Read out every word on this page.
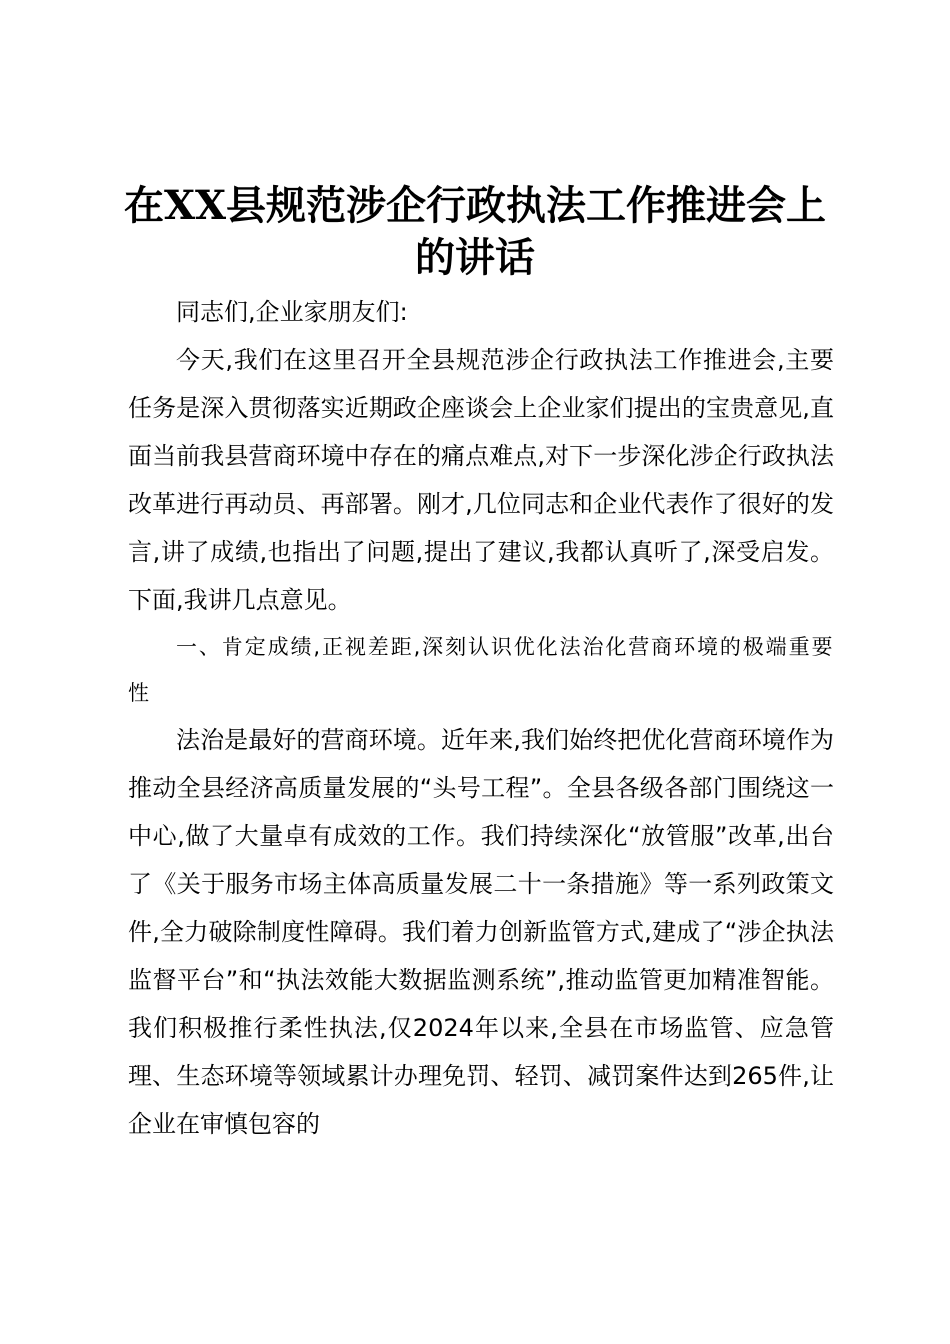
在XX县规范涉企行政执法工作推进会上的讲话

同志们,企业家朋友们:

今天,我们在这里召开全县规范涉企行政执法工作推进会,主要任务是深入贯彻落实近期政企座谈会上企业家们提出的宝贵意见,直面当前我县营商环境中存在的痛点难点,对下一步深化涉企行政执法改革进行再动员、再部署。刚才,几位同志和企业代表作了很好的发言,讲了成绩,也指出了问题,提出了建议,我都认真听了,深受启发。下面,我讲几点意见。

一、肯定成绩,正视差距,深刻认识优化法治化营商环境的极端重要性

法治是最好的营商环境。近年来,我们始终把优化营商环境作为推动全县经济高质量发展的“头号工程”。全县各级各部门围绕这一中心,做了大量卓有成效的工作。我们持续深化“放管服”改革,出台了《关于服务市场主体高质量发展二十一条措施》等一系列政策文件,全力破除制度性障碍。我们着力创新监管方式,建成了“涉企执法监督平台”和“执法效能大数据监测系统”,推动监管更加精准智能。我们积极推行柔性执法,仅2024年以来,全县在市场监管、应急管理、生态环境等领域累计办理免罚、轻罚、减罚案件达到265件,让企业在审慎包容的
